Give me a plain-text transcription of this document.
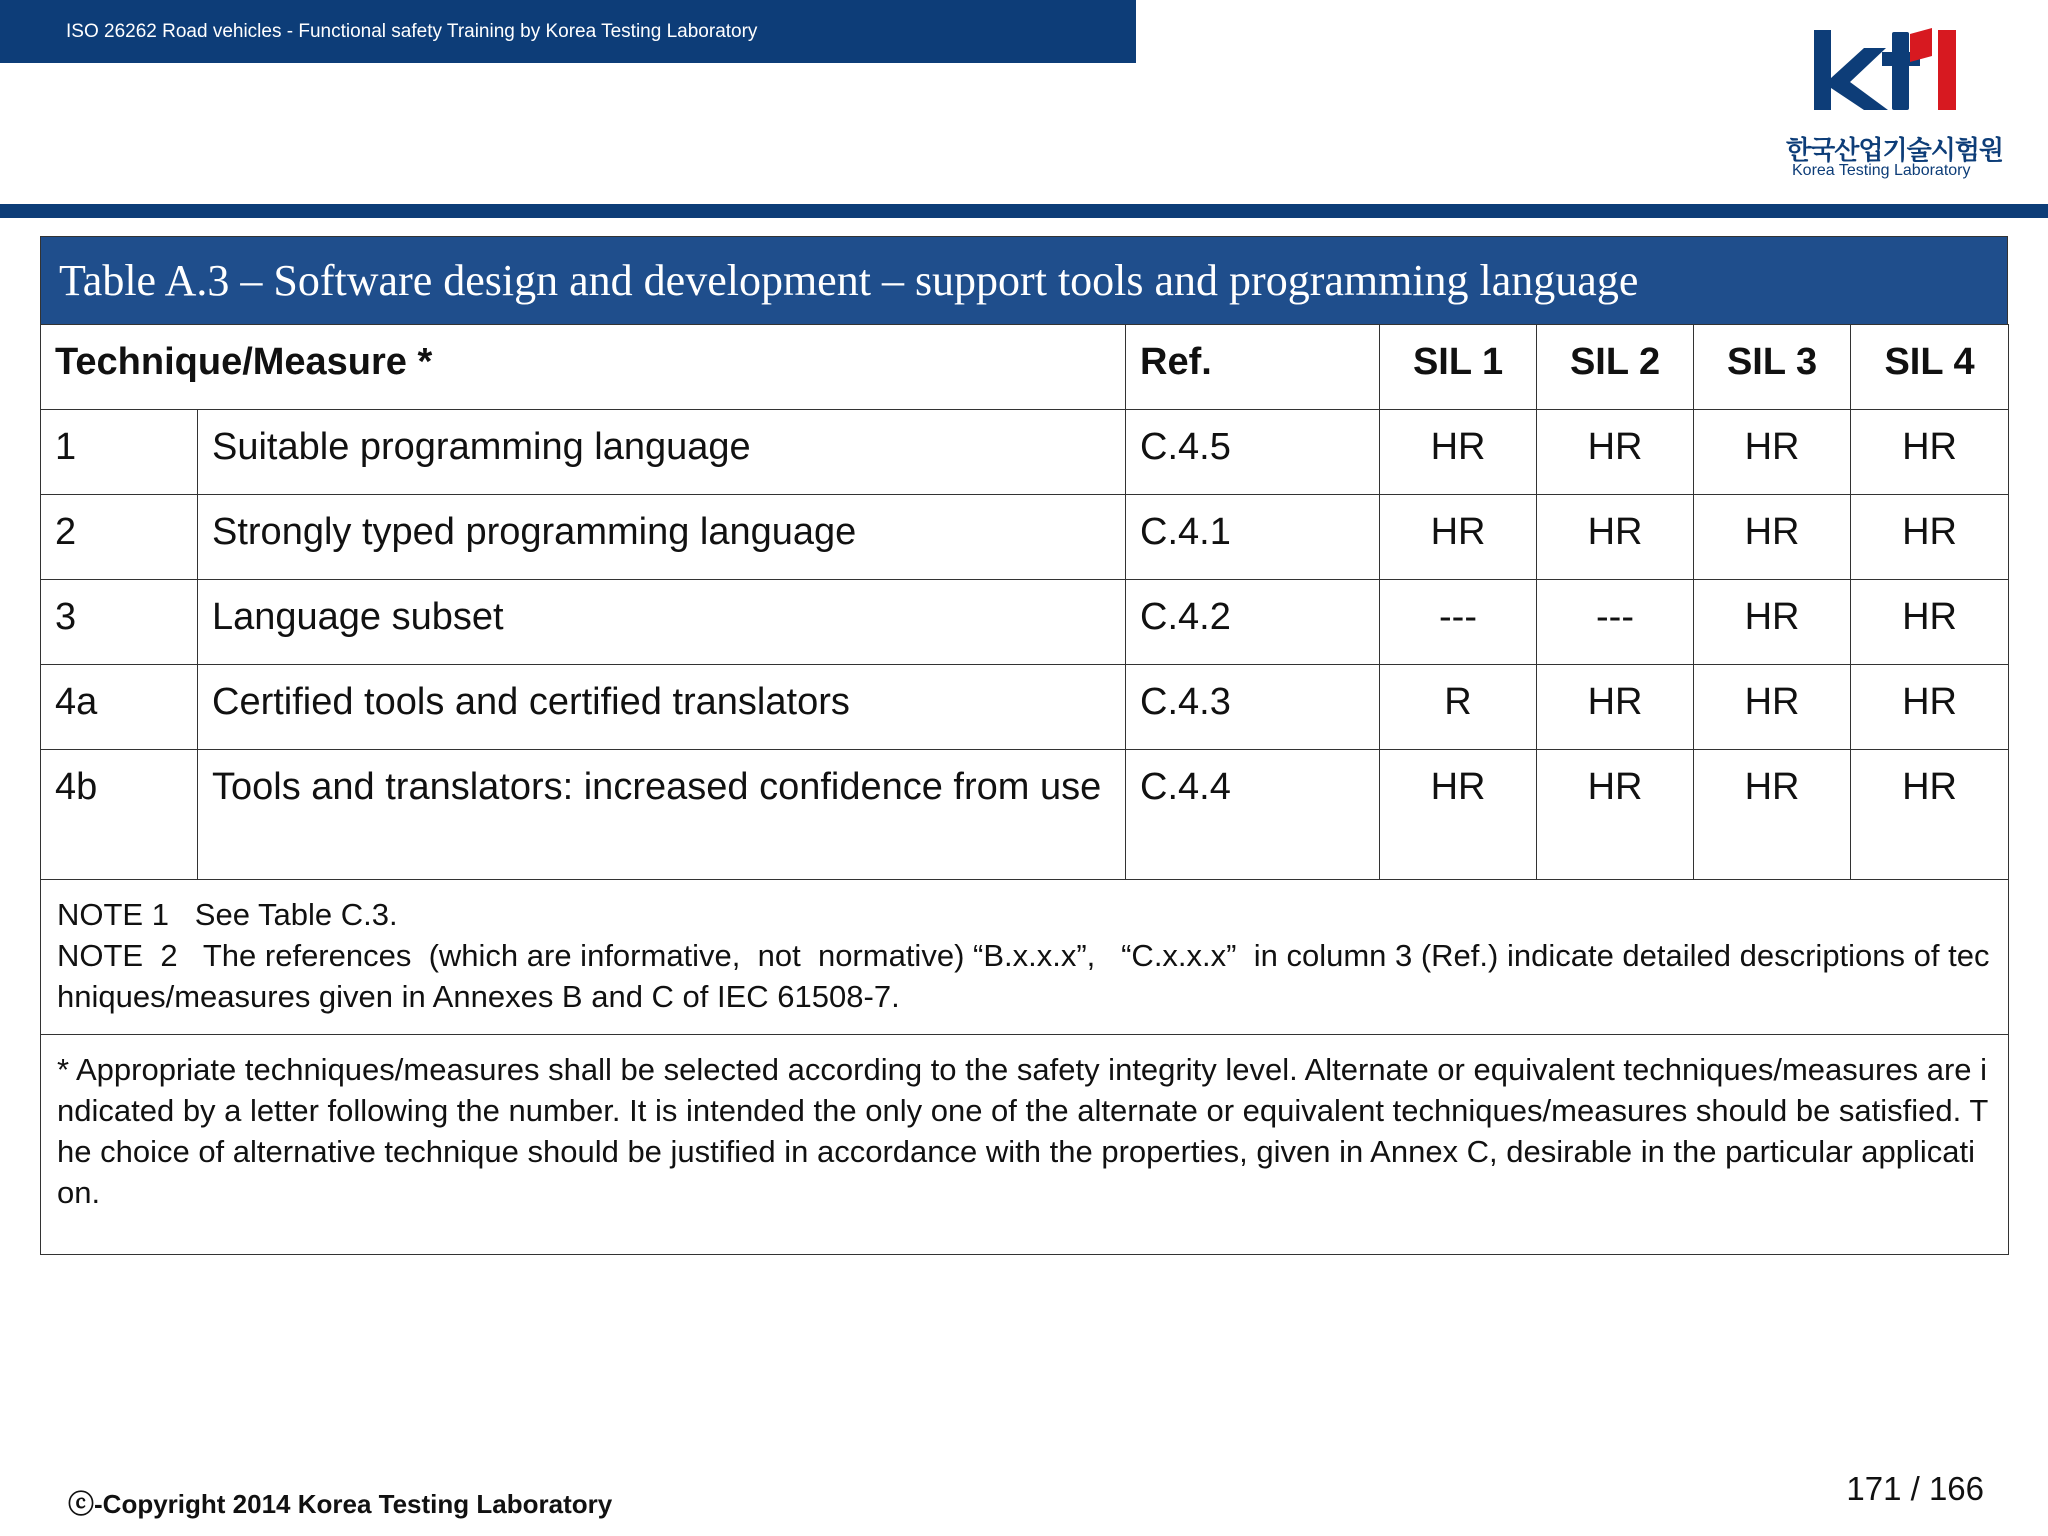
ISO 26262 Road vehicles - Functional safety Training by Korea Testing Laboratory
한국산업기술시험원
Korea Testing Laboratory
Table A.3 – Software design and development – support tools and programming language
Technique/Measure *		Ref.	SIL 1	SIL 2	SIL 3	SIL 4
1	Suitable programming language	C.4.5	HR	HR	HR	HR
2	Strongly typed programming language	C.4.1	HR	HR	HR	HR
3	Language subset	C.4.2	---	---	HR	HR
4a	Certified tools and certified translators	C.4.3	R	HR	HR	HR
4b	Tools and translators: increased confidence from use	C.4.4	HR	HR	HR	HR

NOTE 1   See Table C.3.
NOTE  2   The references  (which are informative,  not  normative) “B.x.x.x”,   “C.x.x.x”  in column 3 (Ref.) indicate detailed descriptions of techniques/measures given in Annexes B and C of IEC 61508-7.						

* Appropriate techniques/measures shall be selected according to the safety integrity level. Alternate or equivalent techniques/measures are indicated by a letter following the number. It is intended the only one of the alternate or equivalent techniques/measures should be satisfied. The choice of alternative technique should be justified in accordance with the properties, given in Annex C, desirable in the particular application.						
ⓒ-Copyright 2014 Korea Testing Laboratory	171 / 166
